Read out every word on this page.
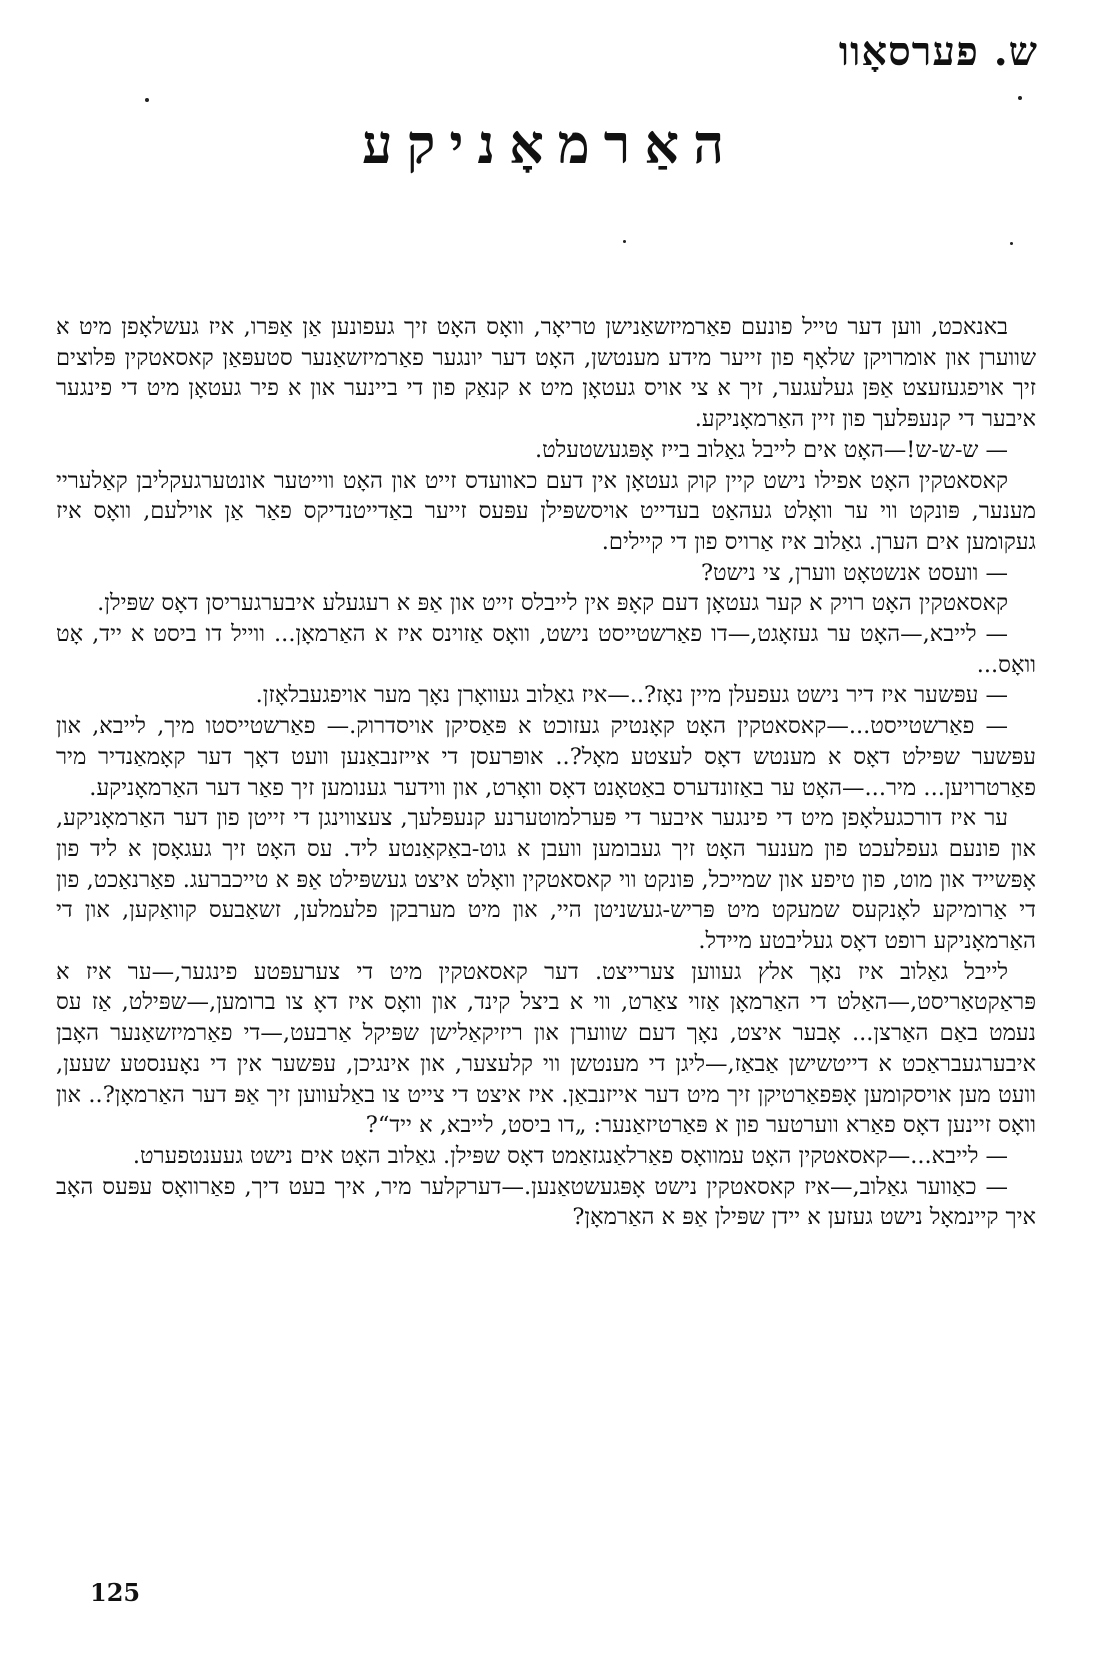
ש. פערסאָוו
האַרמאָניקע

באנאכט, ווען דער טייל פונעם פאַרמיזשאַנישן טריאָר, וואָס האָט זיך געפונען אַן אַפּרו, איז געשלאָפן מיט א שווערן און אומרויקן שלאָף פון זייער מידע מענטשן, האָט דער יונגער פאַרמיזשאַנער סטעפּאַן קאסאטקין פּלוצים זיך אויפגעזעצט אַפּן געלעגער, זיך א צי אויס געטאָן מיט א קנאַק פון די ביינער און א פיר געטאָן מיט די פינגער איבער די קנעפּלעך פון זיין האַרמאָניקע.

— ש-ש-ש!—האָט אים לייבל גאַלוב בייז אָפּגעשטעלט.

קאסאטקין האָט אפילו נישט קיין קוק געטאָן אין דעם כאוועדס זייט און האָט ווייטער אונטערגעקליבן קאַלעריי מענער, פּונקט ווי ער וואָלט געהאַט בעדייט אויסשפּילן עפּעס זייער באַדייטנדיקס פאַר אַן אוילעם, וואָס איז געקומען אים הערן. גאַלוב איז אַרויס פון די קיילים.

— וועסט אנשטאָט ווערן, צי נישט?

קאסאטקין האָט רויק א קער געטאָן דעם קאָפּ אין לייבלס זייט און אַפּ א רעגעלע איבערגעריסן דאָס שפּילן.

— לייבא,—האָט ער געזאָגט,—דו פאַרשטייסט נישט, וואָס אַזוינס איז א האַרמאָן... ווייל דו ביסט א ייד, אָט וואָס...

— עפּשער איז דיר נישט געפעלן מיין נאָז?..—איז גאַלוב געוואָרן נאָך מער אויפגעבלאָזן.

— פאַרשטייסט...—קאסאטקין האָט קאָנטיק געזוכט א פּאַסיקן אויסדרוק.— פאַרשטייסטו מיך, לייבא, און עפּשער שפּילט דאָס א מענטש דאָס לעצטע מאָל?.. אופּרעסן די אייזנבאַנען וועט דאָך דער קאָמאַנדיר מיר פאַרטרויען... מיר...—האָט ער באַזונדערס באַטאָנט דאָס וואָרט, און ווידער גענומען זיך פאַר דער האַרמאָניקע.

ער איז דורכגעלאָפן מיט די פינגער איבער די פּערלמוטערנע קנעפּלעך, צעצווינגן די זייטן פון דער האַרמאָניקע, און פונעם געפלעכט פון מענער האָט זיך געבומען וועבן א גוט-באַקאַנטע ליד. עס האָט זיך געגאָסן א ליד פון אָפּשייד און מוט, פון טיפע און שמייכל, פּונקט ווי קאסאטקין וואָלט איצט געשפּילט אַפּ א טייכברעג. פאַרנאַכט, פון די אַרומיקע לאָנקעס שמעקט מיט פּריש-געשניטן היי, און מיט מערבקן פלעמלען, זשאַבעס קוואַקען, און די האַרמאָניקע רופט דאָס געליבטע מיידל.

לייבל גאַלוב איז נאָך אלץ געווען צערייצט. דער קאסאטקין מיט די צערעפּטע פינגער,—ער איז א פּראַקטאַריסט,—האַלט די האַרמאָן אַזוי צאַרט, ווי א ביצל קינד, און וואָס איז דאָ צו ברומען,—שפּילט, אַז עס נעמט באַם האַרצן... אָבער איצט, נאָך דעם שווערן און ריזיקאַלישן שפּיקל אַרבעט,—די פאַרמיזשאַנער האָבן איבערגעבראַכט א דייטשישן אַבאַז,—ליגן די מענטשן ווי קלעצער, און אינגיכן, עפּשער אין די נאָענסטע שעען, וועט מען אויסקומען אָפּפאַרטיקן זיך מיט דער אייזנבאַן. איז איצט די צייט צו באַלעווען זיך אַפּ דער האַרמאָן?.. און וואָס זיינען דאָס פאַרא ווערטער פון א פּאַרטיזאַנער: „דו ביסט, לייבא, א ייד“?

— לייבא...—קאסאטקין האָט עמוואָס פאַרלאַנגזאַמט דאָס שפּילן. גאַלוב האָט אים נישט געענטפערט.

— כאַווער גאַלוב,—איז קאסאטקין נישט אָפּגעשטאַנען.—דערקלער מיר, איך בעט דיך, פאַרוואָס עפּעס האָב איך קיינמאָל נישט געזען א יידן שפּילן אַפּ א האַרמאָן?

125
